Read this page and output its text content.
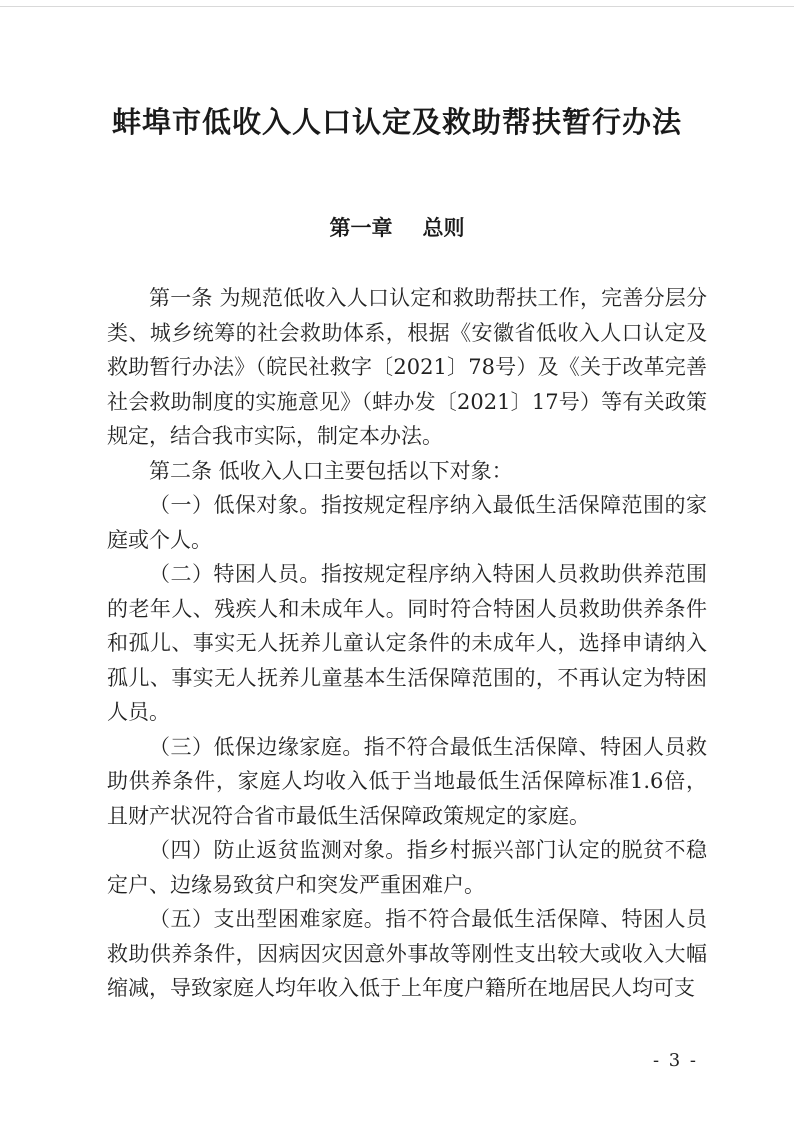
蚌埠市低收入人口认定及救助帮扶暂行办法
第一章 总则

第一条 为规范低收入人口认定和救助帮扶工作，完善分层分类、城乡统筹的社会救助体系，根据《安徽省低收入人口认定及救助暂行办法》（皖民社救字〔2021〕78号）及《关于改革完善社会救助制度的实施意见》（蚌办发〔2021〕17号）等有关政策规定，结合我市实际，制定本办法。

第二条 低收入人口主要包括以下对象：

（一）低保对象。指按规定程序纳入最低生活保障范围的家庭或个人。

（二）特困人员。指按规定程序纳入特困人员救助供养范围的老年人、残疾人和未成年人。同时符合特困人员救助供养条件和孤儿、事实无人抚养儿童认定条件的未成年人，选择申请纳入孤儿、事实无人抚养儿童基本生活保障范围的，不再认定为特困人员。

（三）低保边缘家庭。指不符合最低生活保障、特困人员救助供养条件，家庭人均收入低于当地最低生活保障标准1.6倍，且财产状况符合省市最低生活保障政策规定的家庭。

（四）防止返贫监测对象。指乡村振兴部门认定的脱贫不稳定户、边缘易致贫户和突发严重困难户。

（五）支出型困难家庭。指不符合最低生活保障、特困人员救助供养条件，因病因灾因意外事故等刚性支出较大或收入大幅缩减，导致家庭人均年收入低于上年度户籍所在地居民人均可支

- 3 -
